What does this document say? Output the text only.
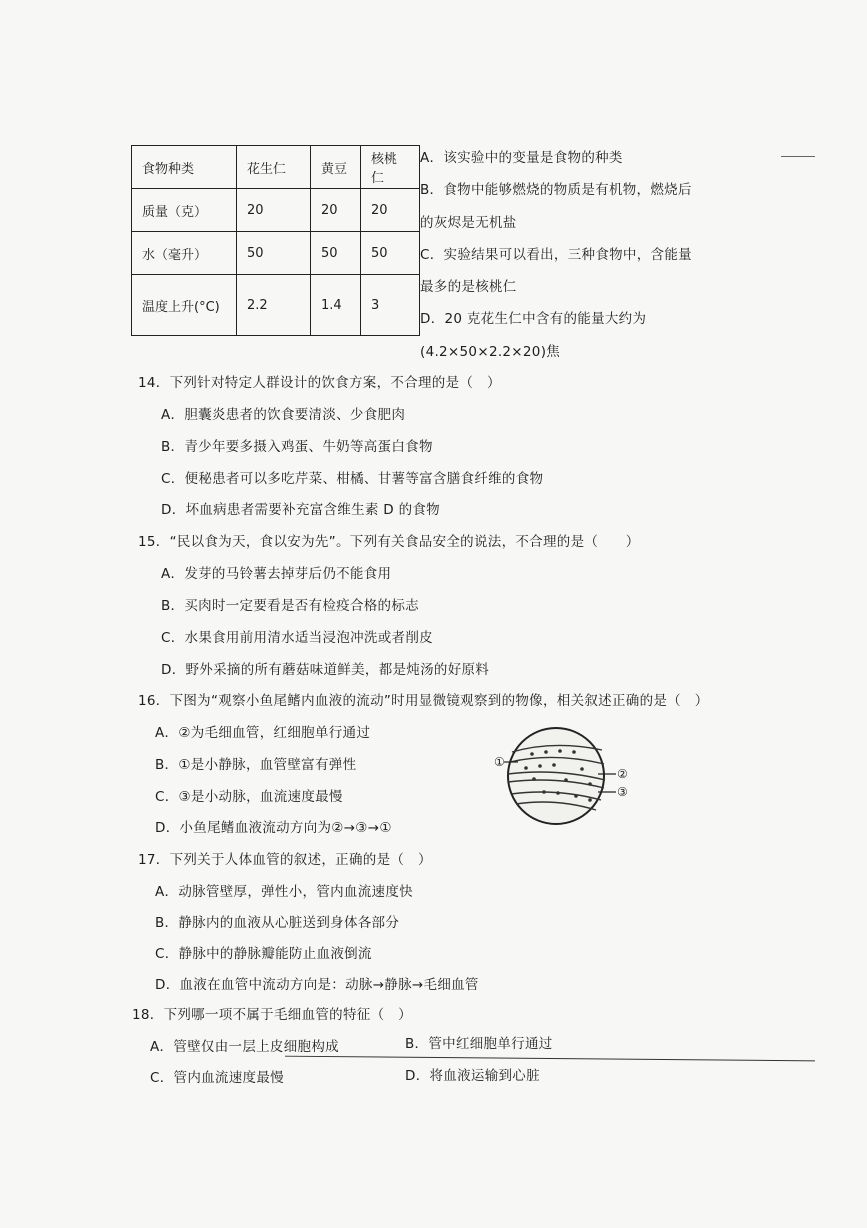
食物种类	花生仁	黄豆	核桃仁
质量（克）	20	20	20
水（毫升）	50	50	50
温度上升(°C)	2.2	1.4	3
A．该实验中的变量是食物的种类
B．食物中能够燃烧的物质是有机物，燃烧后
的灰烬是无机盐
C．实验结果可以看出，三种食物中，含能量
最多的是核桃仁
D．20 克花生仁中含有的能量大约为
(4.2×50×2.2×20)焦
14．下列针对特定人群设计的饮食方案，不合理的是（　）
A．胆囊炎患者的饮食要清淡、少食肥肉
B．青少年要多摄入鸡蛋、牛奶等高蛋白食物
C．便秘患者可以多吃芹菜、柑橘、甘薯等富含膳食纤维的食物
D．坏血病患者需要补充富含维生素 D 的食物
15．“民以食为天，食以安为先”。下列有关食品安全的说法，不合理的是（　　）
A．发芽的马铃薯去掉芽后仍不能食用
B．买肉时一定要看是否有检疫合格的标志
C．水果食用前用清水适当浸泡冲洗或者削皮
D．野外采摘的所有蘑菇味道鲜美，都是炖汤的好原料
16．下图为“观察小鱼尾鳍内血液的流动”时用显微镜观察到的物像，相关叙述正确的是（　）
A．②为毛细血管，红细胞单行通过
B．①是小静脉，血管壁富有弹性
C．③是小动脉，血流速度最慢
D．小鱼尾鳍血液流动方向为②→③→①
①
②
③
17．下列关于人体血管的叙述，正确的是（　）
A．动脉管壁厚，弹性小，管内血流速度快
B．静脉内的血液从心脏送到身体各部分
C．静脉中的静脉瓣能防止血液倒流
D．血液在血管中流动方向是：动脉→静脉→毛细血管
18．下列哪一项不属于毛细血管的特征（　）
A．管壁仅由一层上皮细胞构成	B．管中红细胞单行通过
C．管内血流速度最慢	D．将血液运输到心脏
